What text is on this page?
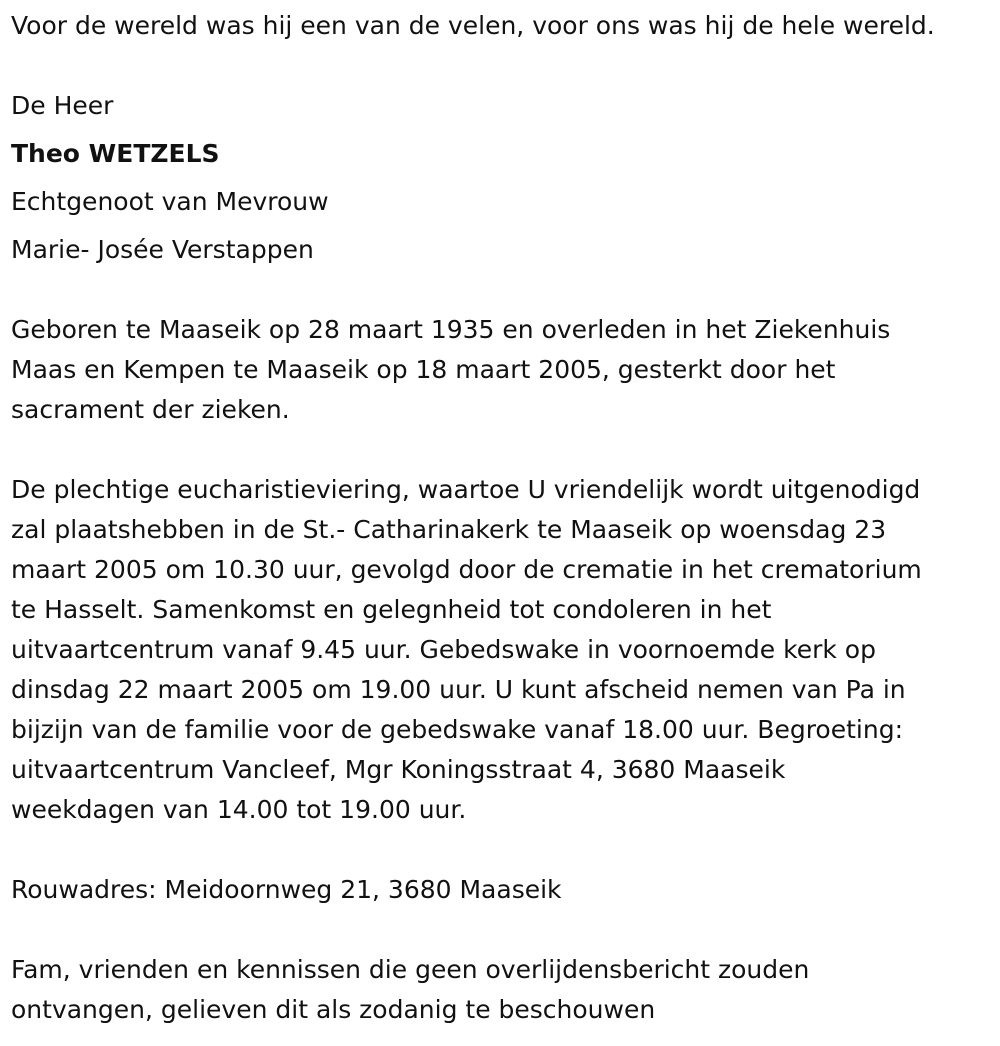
Voor de wereld was hij een van de velen, voor ons was hij de hele wereld.

De Heer

Theo WETZELS

Echtgenoot van Mevrouw

Marie- Josée Verstappen

Geboren te Maaseik op 28 maart 1935 en overleden in het Ziekenhuis

Maas en Kempen te Maaseik op 18 maart 2005, gesterkt door het

sacrament der zieken.

De plechtige eucharistieviering, waartoe U vriendelijk wordt uitgenodigd

zal plaatshebben in de St.- Catharinakerk te Maaseik op woensdag 23

maart 2005 om 10.30 uur, gevolgd door de crematie in het crematorium

te Hasselt. Samenkomst en gelegnheid tot condoleren in het

uitvaartcentrum vanaf 9.45 uur. Gebedswake in voornoemde kerk op

dinsdag 22 maart 2005 om 19.00 uur. U kunt afscheid nemen van Pa in

bijzijn van de familie voor de gebedswake vanaf 18.00 uur. Begroeting:

uitvaartcentrum Vancleef, Mgr Koningsstraat 4, 3680 Maaseik

weekdagen van 14.00 tot 19.00 uur.

Rouwadres: Meidoornweg 21, 3680 Maaseik

Fam, vrienden en kennissen die geen overlijdensbericht zouden

ontvangen, gelieven dit als zodanig te beschouwen
